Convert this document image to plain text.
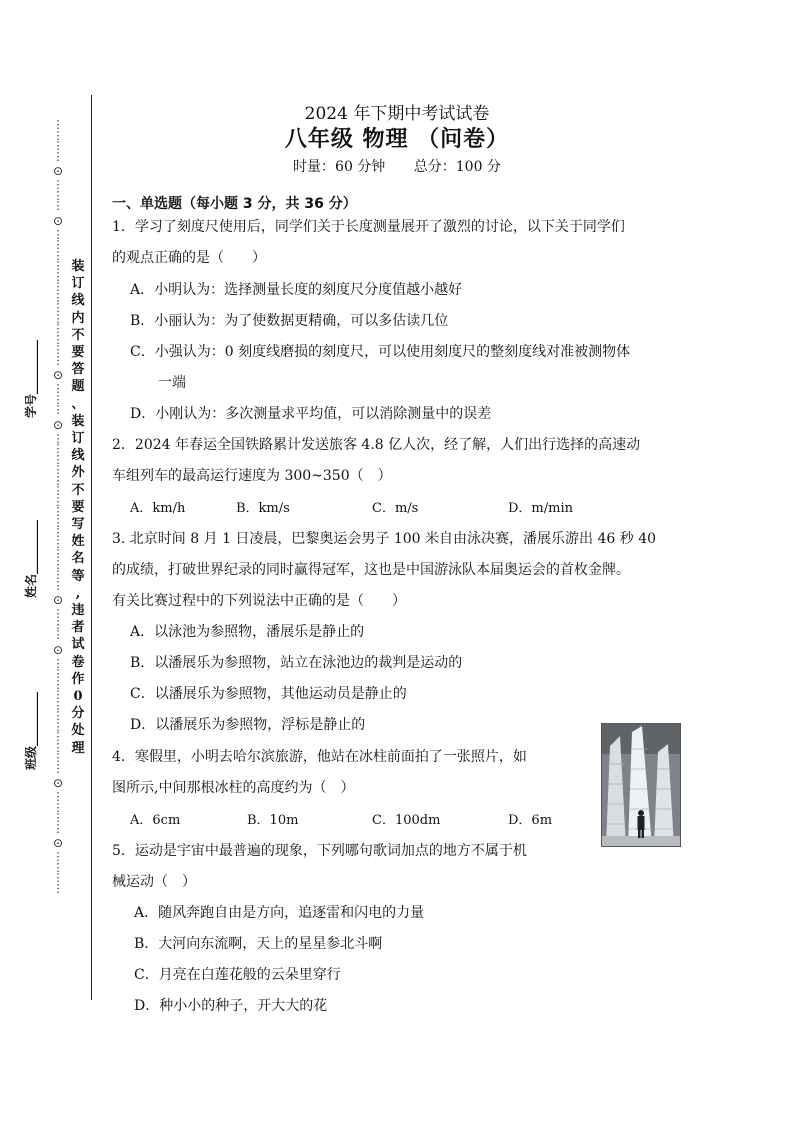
⋮
⋮
⋮
⋮
⊙
⋮
⋮
⋮
⊙
⋮
⋮
⋮
⋮
⋮
⋮
⋮
⋮
⋮
⋮
⋮
⋮
⋮
⊙
⋮
⋮
⋮
⊙
⋮
⋮
⋮
⋮
⋮
⋮
⋮
⋮
⋮
⋮
⋮
⋮
⋮
⋮
⋮
⊙
⋮
⋮
⋮
⊙
⋮
⋮
⋮
⋮
⋮
⋮
⋮
⋮
⋮
⋮
⋮
⊙
⋮
⋮
⋮
⋮
⊙
⋮
⋮
⋮
⋮
装
订
线
内
不
要
答
题
、
装
订
线
外
不
要
写
姓
名
等
,
违
者
试
卷
作
0
分
处
理
学号_________
姓名_________
班级_________
2024 年下期中考试试卷
八年级 物理 （问卷）
时量：60 分钟 总分：100 分
一、单选题（每小题 3 分，共 36 分）
1．学习了刻度尺使用后，同学们关于长度测量展开了激烈的讨论，以下关于同学们
的观点正确的是（　　）
A．小明认为：选择测量长度的刻度尺分度值越小越好
B．小丽认为：为了使数据更精确，可以多估读几位
C．小强认为：0 刻度线磨损的刻度尺，可以使用刻度尺的整刻度线对准被测物体
一端
D．小刚认为：多次测量求平均值，可以消除测量中的误差
2．2024 年春运全国铁路累计发送旅客 4.8 亿人次，经了解，人们出行选择的高速动
车组列车的最高运行速度为 300~350（　）
A．km/h	B．km/s	C．m/s	D．m/min
3. 北京时间 8 月 1 日凌晨，巴黎奥运会男子 100 米自由泳决赛，潘展乐游出 46 秒 40
的成绩，打破世界纪录的同时赢得冠军，这也是中国游泳队本届奥运会的首枚金牌。
有关比赛过程中的下列说法中正确的是（　　）
A．以泳池为参照物，潘展乐是静止的
B．以潘展乐为参照物，站立在泳池边的裁判是运动的
C．以潘展乐为参照物，其他运动员是静止的
D．以潘展乐为参照物，浮标是静止的
4．寒假里，小明去哈尔滨旅游，他站在冰柱前面拍了一张照片，如
图所示,中间那根冰柱的高度约为（　）
A．6cm	B．10m	C．100dm	D．6m
5．运动是宇宙中最普遍的现象，下列哪句歌词加点的地方不属于机
械运动（　）
A．随风奔跑自由是方向，追逐雷和闪电的力量
B．大河向东流啊，天上的星星参北斗啊
C．月亮在白莲花般的云朵里穿行
D．种小小的种子，开大大的花
